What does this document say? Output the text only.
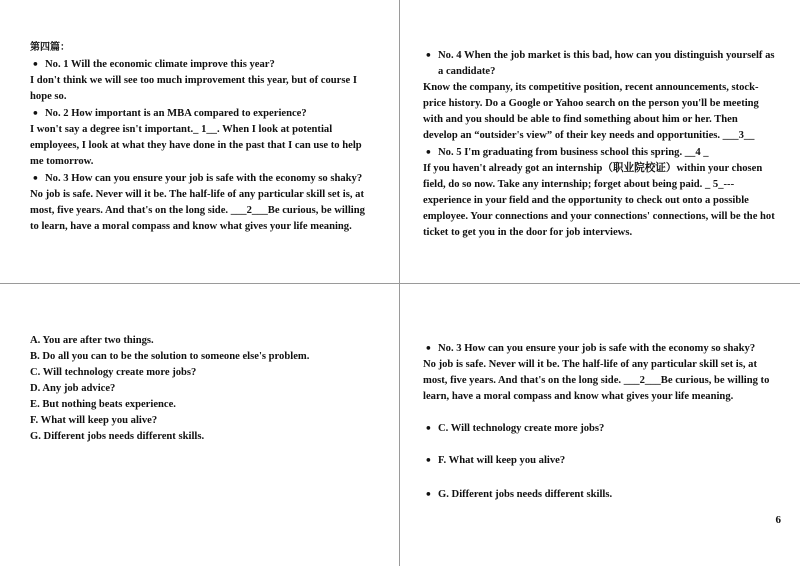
第四篇：

• No. 1 Will the economic climate improve this year?

I don't think we will see too much improvement this year, but of course I hope so.

• No. 2 How important is an MBA compared to experience?

I won't say a degree isn't important._ 1__. When I look at potential employees, I look at what they have done in the past that I can use to help me tomorrow.

• No. 3 How can you ensure your job is safe with the economy so shaky?

No job is safe. Never will it be. The half-life of any particular skill set is, at most, five years. And that's on the long side. ___2___Be curious, be willing to learn, have a moral compass and know what gives your life meaning.

• No. 4 When the job market is this bad, how can you distinguish yourself as a candidate?

Know the company, its competitive position, recent announcements, stock-price history. Do a Google or Yahoo search on the person you'll be meeting with and you should be able to find something about him or her. Then develop an “outsider's view” of their key needs and opportunities. ___3__

• No. 5 I'm graduating from business school this spring. __4 _

If you haven't already got an internship（职业院校证）within your chosen field, do so now. Take any internship; forget about being paid. _ 5_---experience in your field and the opportunity to check out onto a possible employee. Your connections and your connections' connections, will be the hot ticket to get you in the door for job interviews.

A. You are after two things.

B. Do all you can to be the solution to someone else's problem.

C. Will technology create more jobs?

D. Any job advice?

E. But nothing beats experience.

F. What will keep you alive?

G. Different jobs needs different skills.

• No. 3 How can you ensure your job is safe with the economy so shaky?

No job is safe. Never will it be. The half-life of any particular skill set is, at most, five years. And that's on the long side. ___2___Be curious, be willing to learn, have a moral compass and know what gives your life meaning.

• C. Will technology create more jobs?

• F. What will keep you alive?

• G. Different jobs needs different skills.

6
